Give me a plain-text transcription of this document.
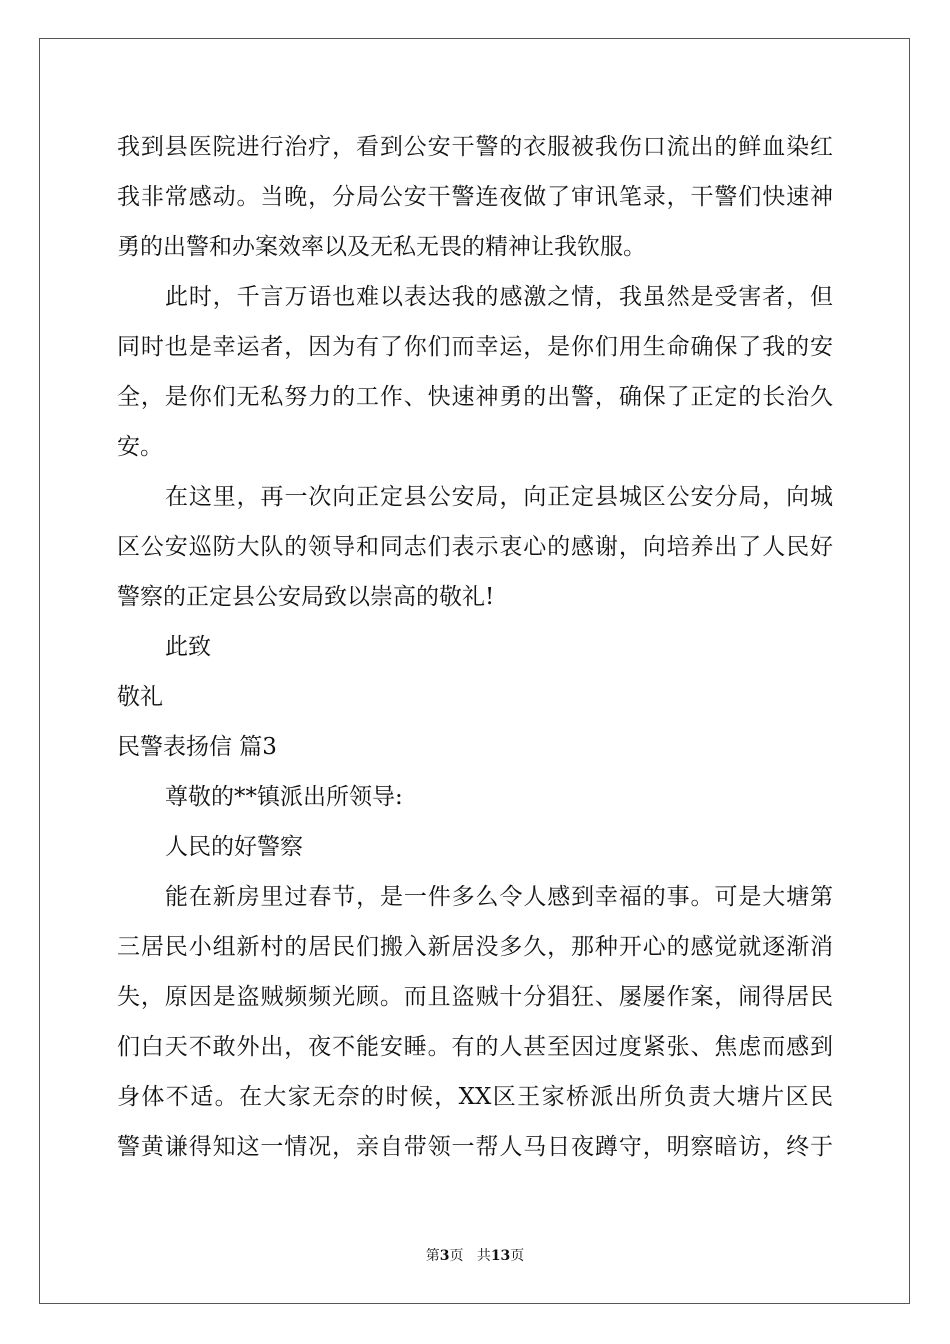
我到县医院进行治疗，看到公安干警的衣服被我伤口流出的鲜血染红
我非常感动。当晚，分局公安干警连夜做了审讯笔录，干警们快速神
勇的出警和办案效率以及无私无畏的精神让我钦服。
此时，千言万语也难以表达我的感激之情，我虽然是受害者，但
同时也是幸运者，因为有了你们而幸运，是你们用生命确保了我的安
全，是你们无私努力的工作、快速神勇的出警，确保了正定的长治久
安。
在这里，再一次向正定县公安局，向正定县城区公安分局，向城
区公安巡防大队的领导和同志们表示衷心的感谢，向培养出了人民好
警察的正定县公安局致以崇高的敬礼!
此致
敬礼
民警表扬信 篇3
尊敬的**镇派出所领导:
人民的好警察
能在新房里过春节，是一件多么令人感到幸福的事。可是大塘第
三居民小组新村的居民们搬入新居没多久，那种开心的感觉就逐渐消
失，原因是盗贼频频光顾。而且盗贼十分猖狂、屡屡作案，闹得居民
们白天不敢外出，夜不能安睡。有的人甚至因过度紧张、焦虑而感到
身体不适。在大家无奈的时候，XX区王家桥派出所负责大塘片区民
警黄谦得知这一情况，亲自带领一帮人马日夜蹲守，明察暗访，终于
第3页 共13页
